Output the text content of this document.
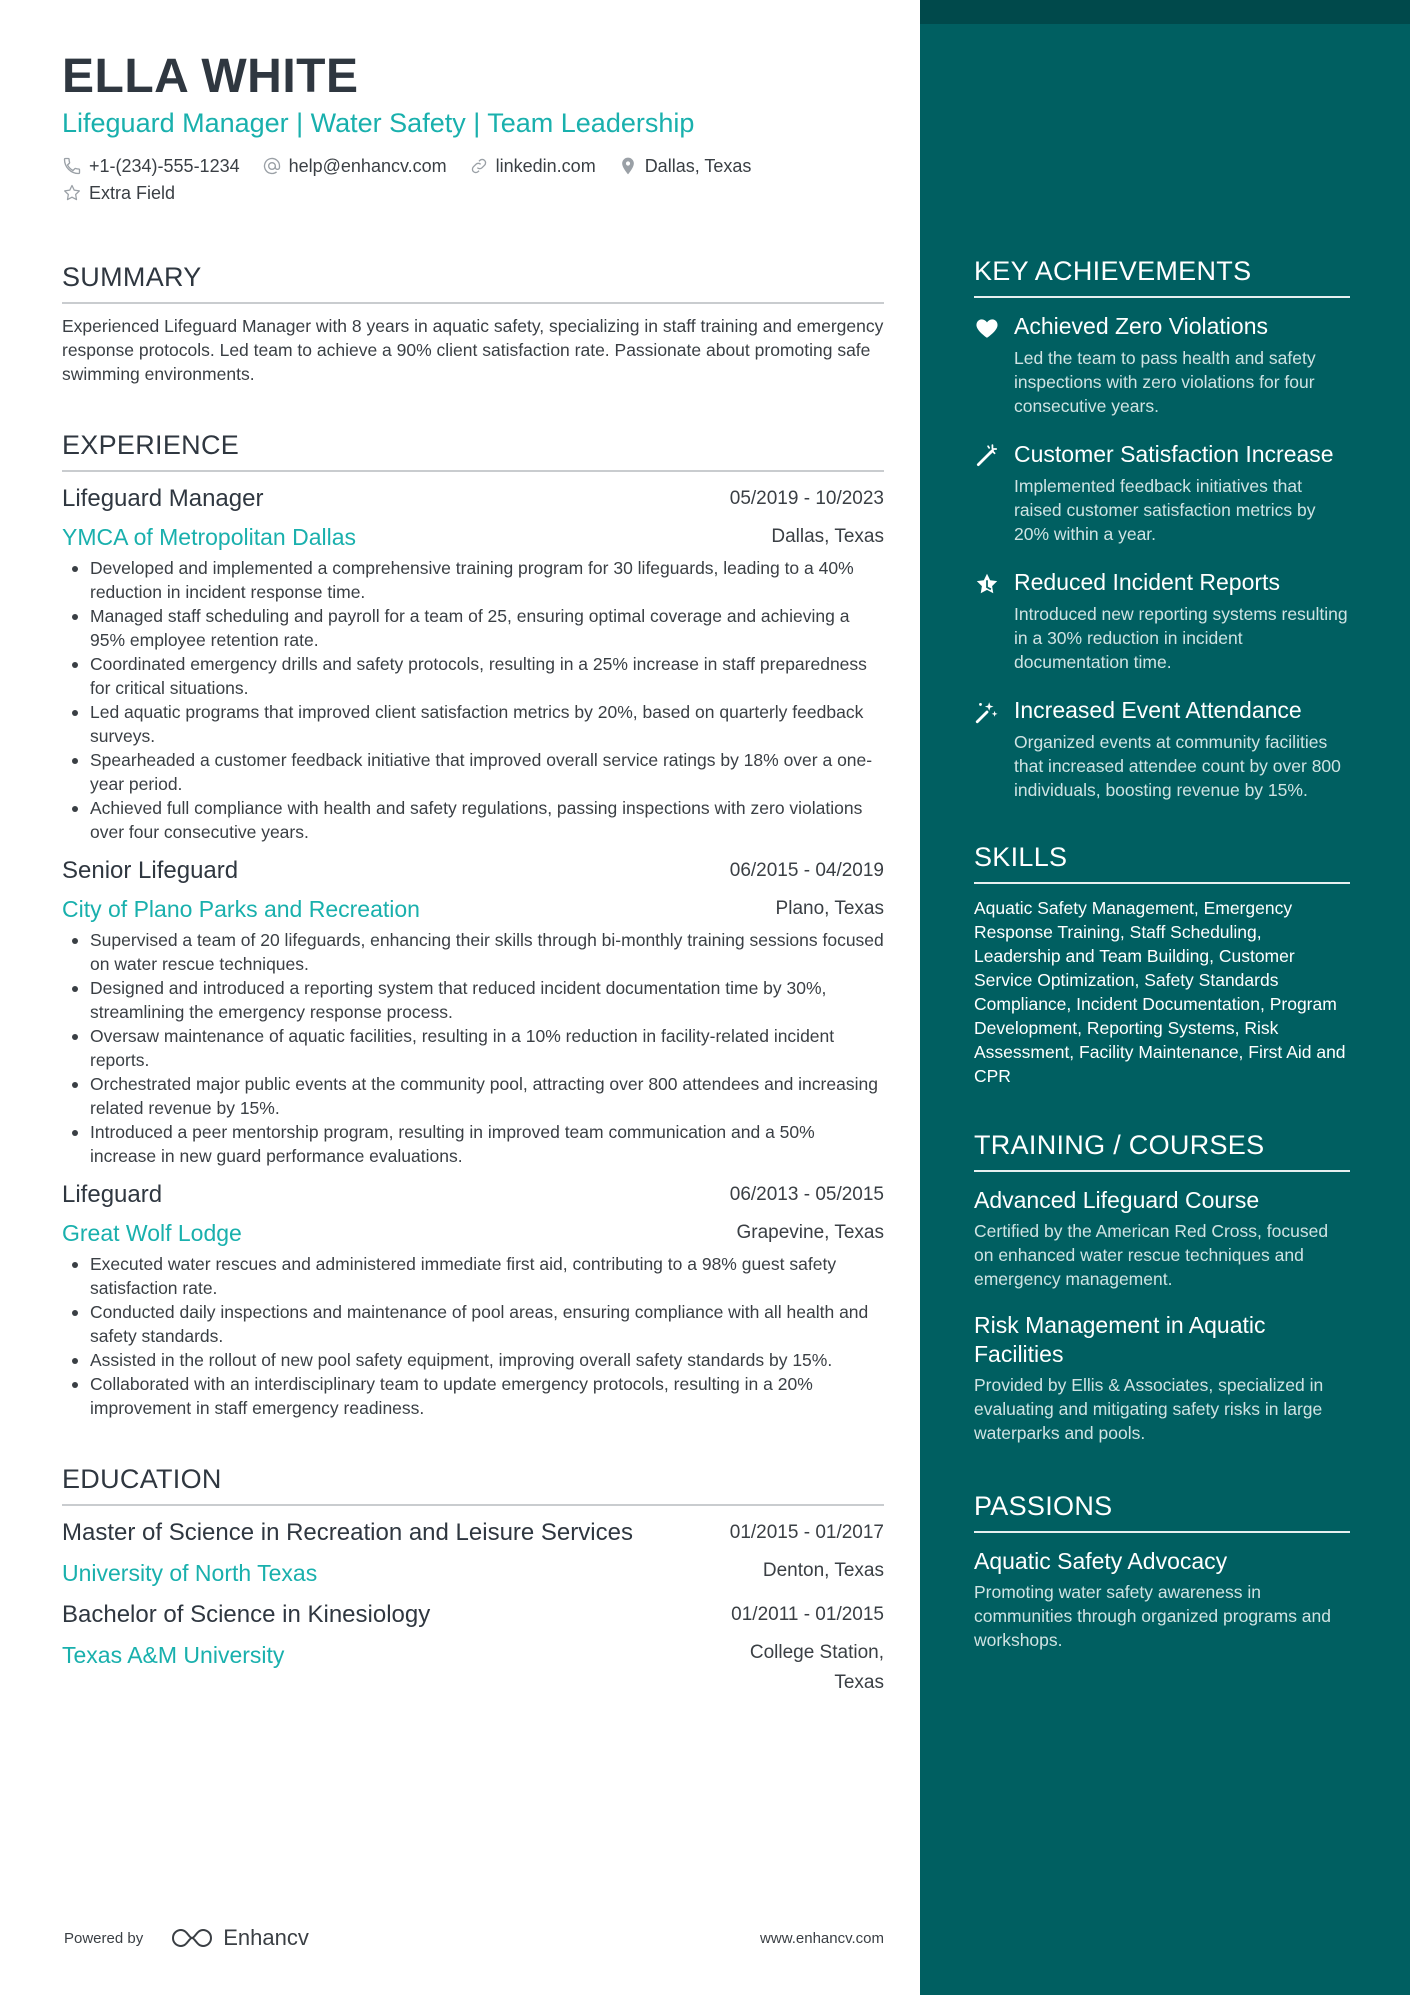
ELLA WHITE
Lifeguard Manager | Water Safety | Team Leadership
+1-(234)-555-1234	help@enhancv.com	linkedin.com	Dallas, Texas
Extra Field
SUMMARY
Experienced Lifeguard Manager with 8 years in aquatic safety, specializing in staff training and emergency response protocols. Led team to achieve a 90% client satisfaction rate. Passionate about promoting safe swimming environments.
EXPERIENCE
Lifeguard Manager	05/2019 - 10/2023
YMCA of Metropolitan Dallas	Dallas, Texas
Developed and implemented a comprehensive training program for 30 lifeguards, leading to a 40% reduction in incident response time.
Managed staff scheduling and payroll for a team of 25, ensuring optimal coverage and achieving a 95% employee retention rate.
Coordinated emergency drills and safety protocols, resulting in a 25% increase in staff preparedness for critical situations.
Led aquatic programs that improved client satisfaction metrics by 20%, based on quarterly feedback surveys.
Spearheaded a customer feedback initiative that improved overall service ratings by 18% over a one-year period.
Achieved full compliance with health and safety regulations, passing inspections with zero violations over four consecutive years.
Senior Lifeguard	06/2015 - 04/2019
City of Plano Parks and Recreation	Plano, Texas
Supervised a team of 20 lifeguards, enhancing their skills through bi-monthly training sessions focused on water rescue techniques.
Designed and introduced a reporting system that reduced incident documentation time by 30%, streamlining the emergency response process.
Oversaw maintenance of aquatic facilities, resulting in a 10% reduction in facility-related incident reports.
Orchestrated major public events at the community pool, attracting over 800 attendees and increasing related revenue by 15%.
Introduced a peer mentorship program, resulting in improved team communication and a 50% increase in new guard performance evaluations.
Lifeguard	06/2013 - 05/2015
Great Wolf Lodge	Grapevine, Texas
Executed water rescues and administered immediate first aid, contributing to a 98% guest safety satisfaction rate.
Conducted daily inspections and maintenance of pool areas, ensuring compliance with all health and safety standards.
Assisted in the rollout of new pool safety equipment, improving overall safety standards by 15%.
Collaborated with an interdisciplinary team to update emergency protocols, resulting in a 20% improvement in staff emergency readiness.
EDUCATION
Master of Science in Recreation and Leisure Services	01/2015 - 01/2017
University of North Texas	Denton, Texas
Bachelor of Science in Kinesiology	01/2011 - 01/2015
Texas A&M University	College Station, Texas
Powered by	Enhancv	www.enhancv.com
KEY ACHIEVEMENTS
Achieved Zero Violations
Led the team to pass health and safety inspections with zero violations for four consecutive years.
Customer Satisfaction Increase
Implemented feedback initiatives that raised customer satisfaction metrics by 20% within a year.
Reduced Incident Reports
Introduced new reporting systems resulting in a 30% reduction in incident documentation time.
Increased Event Attendance
Organized events at community facilities that increased attendee count by over 800 individuals, boosting revenue by 15%.
SKILLS
Aquatic Safety Management, Emergency Response Training, Staff Scheduling, Leadership and Team Building, Customer Service Optimization, Safety Standards Compliance, Incident Documentation, Program Development, Reporting Systems, Risk Assessment, Facility Maintenance, First Aid and CPR
TRAINING / COURSES
Advanced Lifeguard Course
Certified by the American Red Cross, focused on enhanced water rescue techniques and emergency management.
Risk Management in Aquatic Facilities
Provided by Ellis & Associates, specialized in evaluating and mitigating safety risks in large waterparks and pools.
PASSIONS
Aquatic Safety Advocacy
Promoting water safety awareness in communities through organized programs and workshops.
